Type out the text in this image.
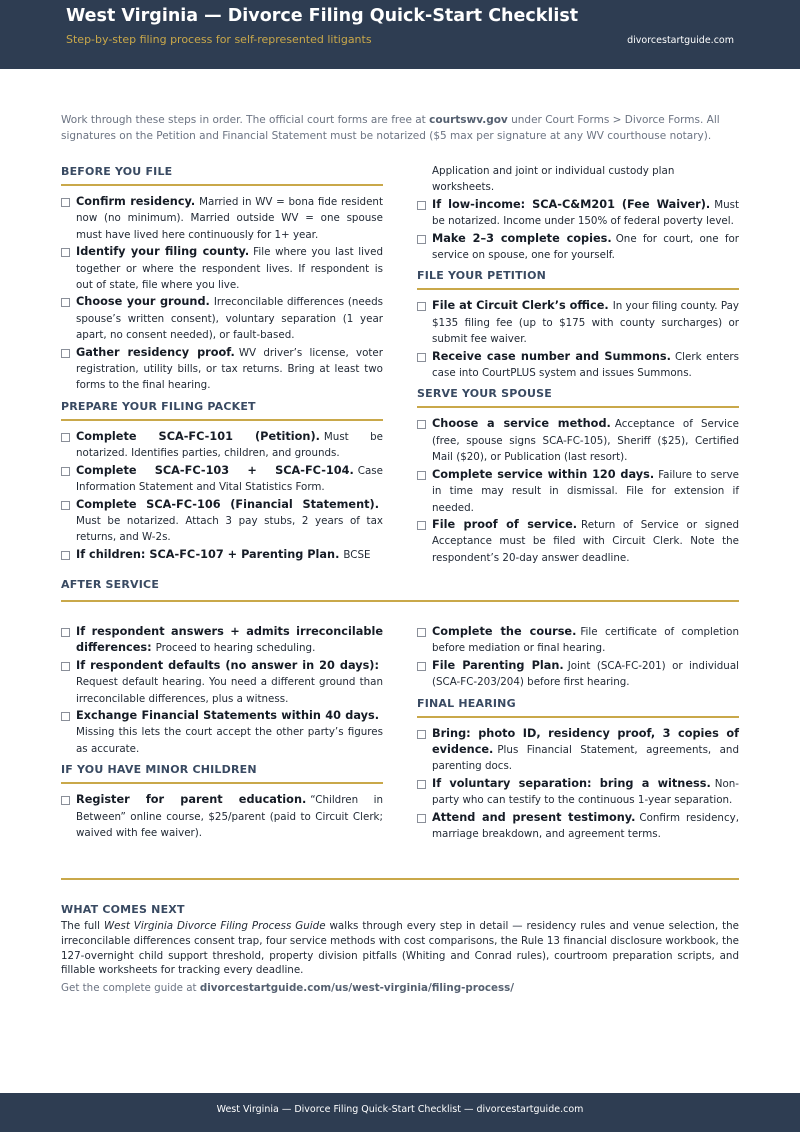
West Virginia — Divorce Filing Quick-Start Checklist
Step-by-step filing process for self-represented litigants	divorcestartguide.com
Work through these steps in order. The official court forms are free at courtswv.gov under Court Forms > Divorce Forms. All signatures on the Petition and Financial Statement must be notarized ($5 max per signature at any WV courthouse notary).
BEFORE YOU FILE
Confirm residency. Married in WV = bona fide resident now (no minimum). Married outside WV = one spouse must have lived here continuously for 1+ year.
Identify your filing county. File where you last lived together or where the respondent lives. If respondent is out of state, file where you live.
Choose your ground. Irreconcilable differences (needs spouse’s written consent), voluntary separation (1 year apart, no consent needed), or fault-based.
Gather residency proof. WV driver’s license, voter registration, utility bills, or tax returns. Bring at least two forms to the final hearing.
PREPARE YOUR FILING PACKET
Complete SCA-FC-101 (Petition). Must be notarized. Identifies parties, children, and grounds.
Complete SCA-FC-103 + SCA-FC-104. Case Information Statement and Vital Statistics Form.
Complete SCA-FC-106 (Financial Statement).Must be notarized. Attach 3 pay stubs, 2 years of tax returns, and W-2s.
If children: SCA-FC-107 + Parenting Plan. BCSE
Application and joint or individual custody plan worksheets.
If low-income: SCA-C&M201 (Fee Waiver). Must be notarized. Income under 150% of federal poverty level.
Make 2–3 complete copies. One for court, one for service on spouse, one for yourself.
FILE YOUR PETITION
File at Circuit Clerk’s office. In your filing county. Pay $135 filing fee (up to $175 with county surcharges) or submit fee waiver.
Receive case number and Summons. Clerk enters case into CourtPLUS system and issues Summons.
SERVE YOUR SPOUSE
Choose a service method. Acceptance of Service (free, spouse signs SCA-FC-105), Sheriff ($25), Certified Mail ($20), or Publication (last resort).
Complete service within 120 days. Failure to serve in time may result in dismissal. File for extension if needed.
File proof of service. Return of Service or signed Acceptance must be filed with Circuit Clerk. Note the respondent’s 20-day answer deadline.
AFTER SERVICE
If respondent answers + admits irreconcilable differences: Proceed to hearing scheduling.
If respondent defaults (no answer in 20 days):Request default hearing. You need a different ground than irreconcilable differences, plus a witness.
Exchange Financial Statements within 40 days.Missing this lets the court accept the other party’s figures as accurate.
IF YOU HAVE MINOR CHILDREN
Register for parent education. “Children in Between” online course, $25/parent (paid to Circuit Clerk; waived with fee waiver).
Complete the course. File certificate of completion before mediation or final hearing.
File Parenting Plan. Joint (SCA-FC-201) or individual (SCA-FC-203/204) before first hearing.
FINAL HEARING
Bring: photo ID, residency proof, 3 copies of evidence. Plus Financial Statement, agreements, and parenting docs.
If voluntary separation: bring a witness. Non-party who can testify to the continuous 1-year separation.
Attend and present testimony. Confirm residency, marriage breakdown, and agreement terms.
WHAT COMES NEXT
The full West Virginia Divorce Filing Process Guide walks through every step in detail — residency rules and venue selection, the irreconcilable differences consent trap, four service methods with cost comparisons, the Rule 13 financial disclosure workbook, the 127-overnight child support threshold, property division pitfalls (Whiting and Conrad rules), courtroom preparation scripts, and fillable worksheets for tracking every deadline.
Get the complete guide at divorcestartguide.com/us/west-virginia/filing-process/
West Virginia — Divorce Filing Quick-Start Checklist — divorcestartguide.com
